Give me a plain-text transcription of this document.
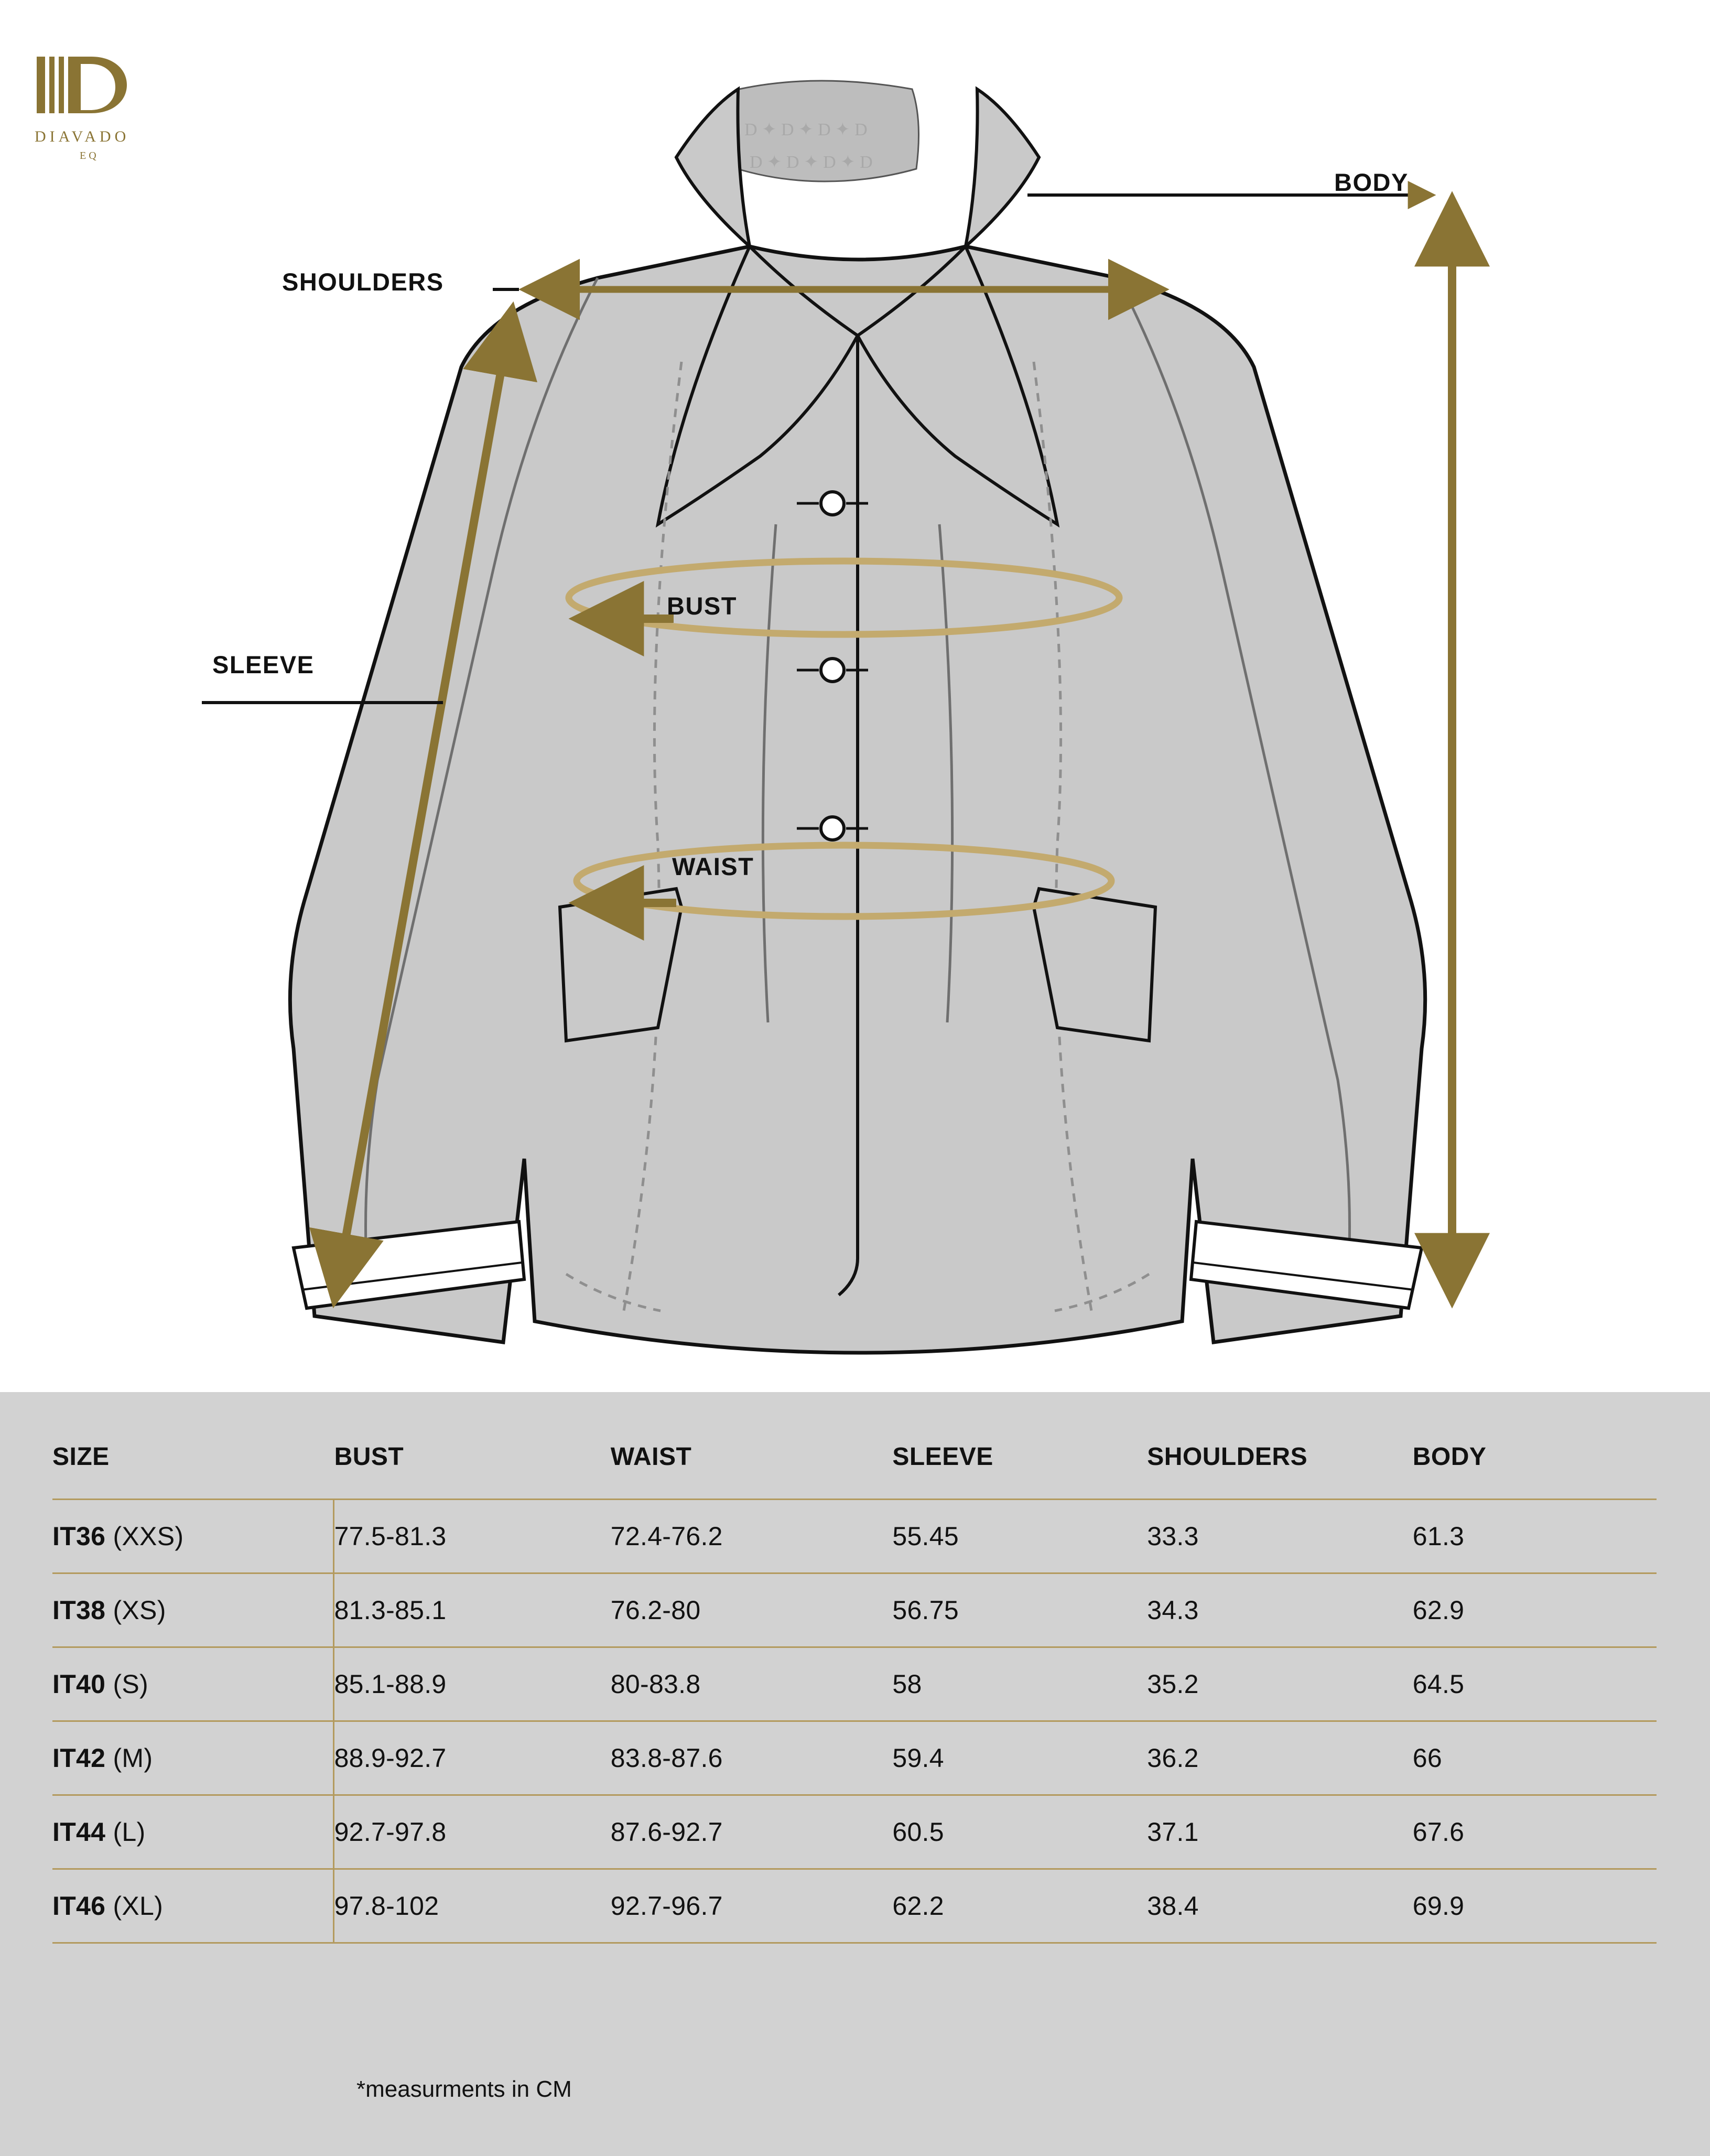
DIAVADO
EQ
D ✦ D ✦ D ✦ D
D ✦ D ✦ D ✦ D
SHOULDERS
SLEEVE
BUST
WAIST
BODY
SIZE	BUST	WAIST	SLEEVE	SHOULDERS	BODY
IT36 (XXS)	77.5-81.3	72.4-76.2	55.45	33.3	61.3
IT38 (XS)	81.3-85.1	76.2-80	56.75	34.3	62.9
IT40 (S)	85.1-88.9	80-83.8	58	35.2	64.5
IT42 (M)	88.9-92.7	83.8-87.6	59.4	36.2	66
IT44 (L)	92.7-97.8	87.6-92.7	60.5	37.1	67.6
IT46 (XL)	97.8-102	92.7-96.7	62.2	38.4	69.9
*measurments in CM
